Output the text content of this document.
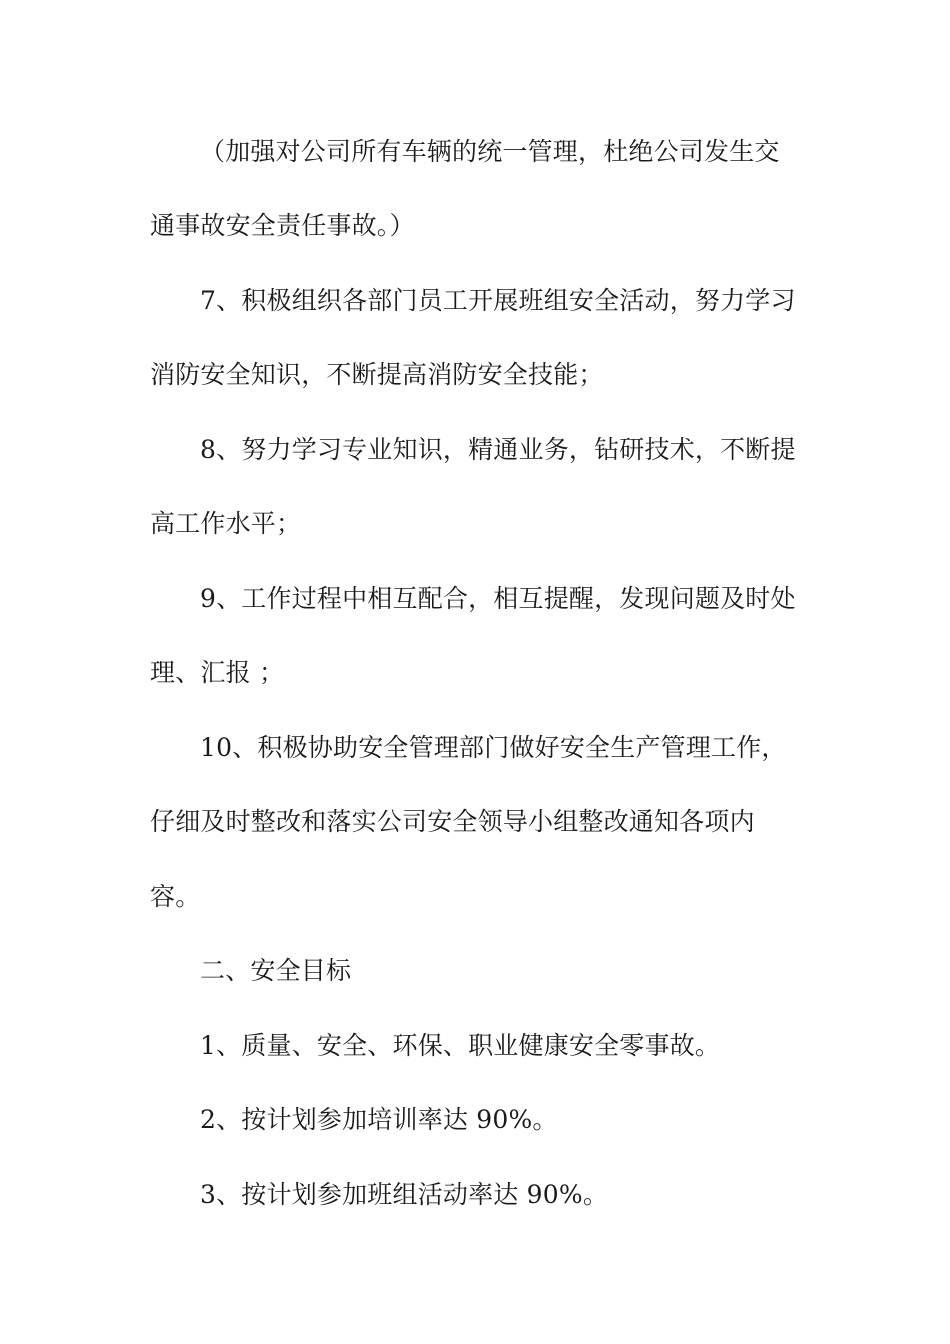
（加强对公司所有车辆的统一管理，杜绝公司发生交
通事故安全责任事故。）
7、积极组织各部门员工开展班组安全活动，努力学习
消防安全知识，不断提高消防安全技能；
8、努力学习专业知识，精通业务，钻研技术，不断提
高工作水平；
9、工作过程中相互配合，相互提醒，发现问题及时处
理、汇报 ；
10、积极协助安全管理部门做好安全生产管理工作，
仔细及时整改和落实公司安全领导小组整改通知各项内
容。
二、安全目标
1、质量、安全、环保、职业健康安全零事故。
2、按计划参加培训率达 90%。
3、按计划参加班组活动率达 90%。
